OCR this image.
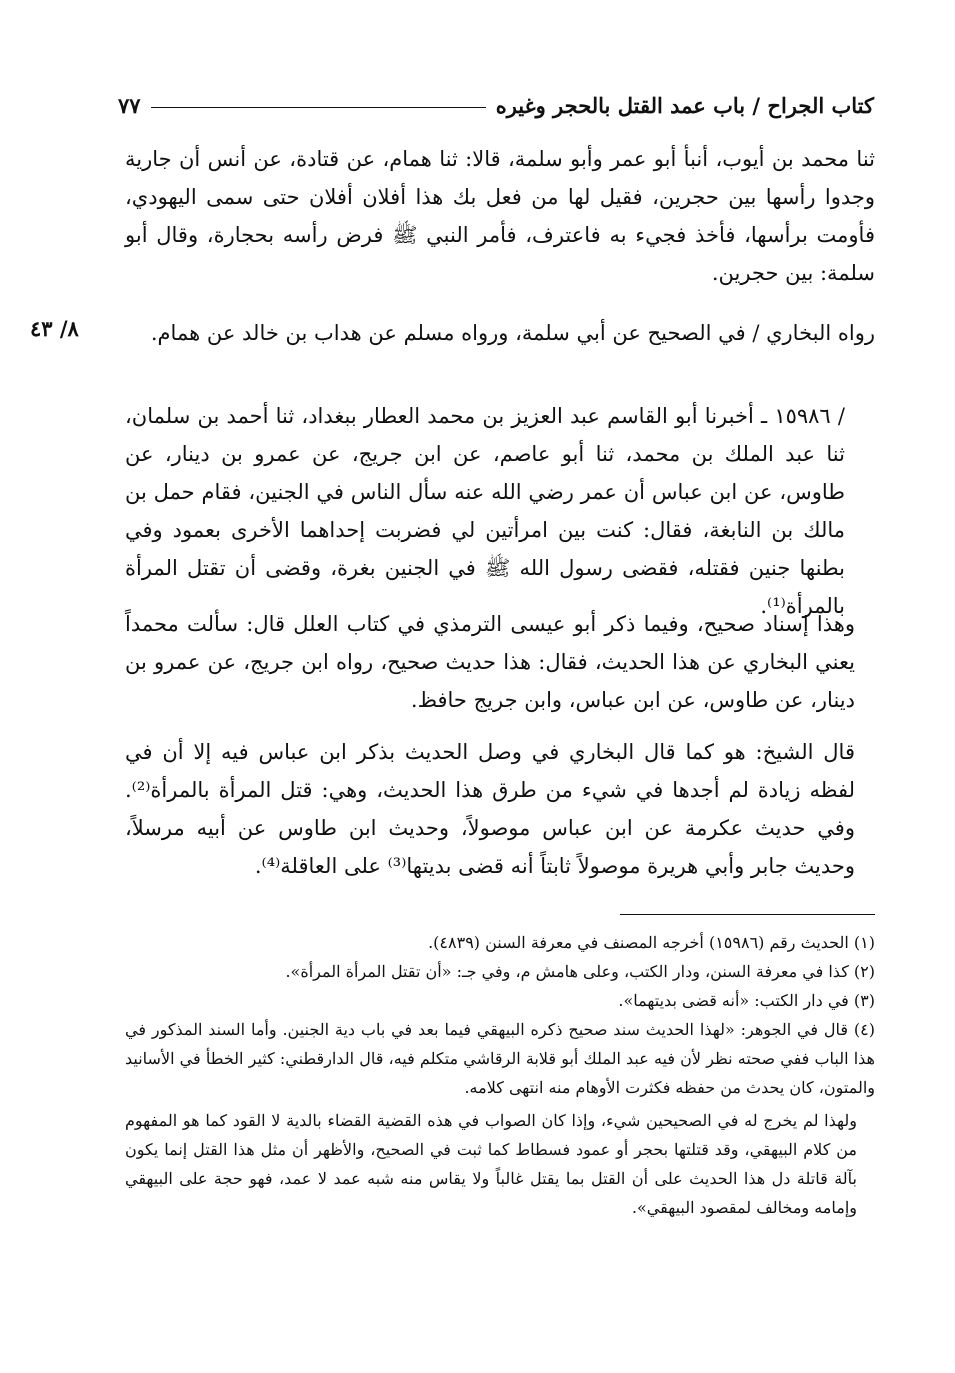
كتاب الجراح / باب عمد القتل بالحجر وغيره
٧٧

ثنا محمد بن أيوب، أنبأ أبو عمر وأبو سلمة، قالا: ثنا همام، عن قتادة، عن أنس أن جارية وجدوا رأسها بين حجرين، فقيل لها من فعل بك هذا أفلان أفلان حتى سمى اليهودي، فأومت برأسها، فأخذ فجيء به فاعترف، فأمر النبي ﷺ فرض رأسه بحجارة، وقال أبو سلمة: بين حجرين.

رواه البخاري / في الصحيح عن أبي سلمة، ورواه مسلم عن هداب بن خالد عن همام.

٨/ ٤٣

/ ١٥٩٨٦ ـ أخبرنا أبو القاسم عبد العزيز بن محمد العطار ببغداد، ثنا أحمد بن سلمان، ثنا عبد الملك بن محمد، ثنا أبو عاصم، عن ابن جريج، عن عمرو بن دينار، عن طاوس، عن ابن عباس أن عمر رضي الله عنه سأل الناس في الجنين، فقام حمل بن مالك بن النابغة، فقال: كنت بين امرأتين لي فضربت إحداهما الأخرى بعمود وفي بطنها جنين فقتله، فقضى رسول الله ﷺ في الجنين بغرة، وقضى أن تقتل المرأة بالمرأة⁽¹⁾.

وهذا إسناد صحيح، وفيما ذكر أبو عيسى الترمذي في كتاب العلل قال: سألت محمداً يعني البخاري عن هذا الحديث، فقال: هذا حديث صحيح، رواه ابن جريج، عن عمرو بن دينار، عن طاوس، عن ابن عباس، وابن جريج حافظ.

قال الشيخ: هو كما قال البخاري في وصل الحديث بذكر ابن عباس فيه إلا أن في لفظه زيادة لم أجدها في شيء من طرق هذا الحديث، وهي: قتل المرأة بالمرأة⁽²⁾. وفي حديث عكرمة عن ابن عباس موصولاً، وحديث ابن طاوس عن أبيه مرسلاً، وحديث جابر وأبي هريرة موصولاً ثابتاً أنه قضى بديتها⁽³⁾ على العاقلة⁽⁴⁾.

(١) الحديث رقم (١٥٩٨٦) أخرجه المصنف في معرفة السنن (٤٨٣٩).

(٢) كذا في معرفة السنن، ودار الكتب، وعلى هامش م، وفي جـ: «أن تقتل المرأة المرأة».

(٣) في دار الكتب: «أنه قضى بديتهما».

(٤) قال في الجوهر: «لهذا الحديث سند صحيح ذكره البيهقي فيما بعد في باب دية الجنين. وأما السند المذكور في هذا الباب ففي صحته نظر لأن فيه عبد الملك أبو قلابة الرقاشي متكلم فيه، قال الدارقطني: كثير الخطأ في الأسانيد والمتون، كان يحدث من حفظه فكثرت الأوهام منه انتهى كلامه.

ولهذا لم يخرج له في الصحيحين شيء، وإذا كان الصواب في هذه القضية القضاء بالدية لا القود كما هو المفهوم من كلام البيهقي، وقد قتلتها بحجر أو عمود فسطاط كما ثبت في الصحيح، والأظهر أن مثل هذا القتل إنما يكون بآلة قاتلة دل هذا الحديث على أن القتل بما يقتل غالباً ولا يقاس منه شبه عمد لا عمد، فهو حجة على البيهقي وإمامه ومخالف لمقصود البيهقي».
